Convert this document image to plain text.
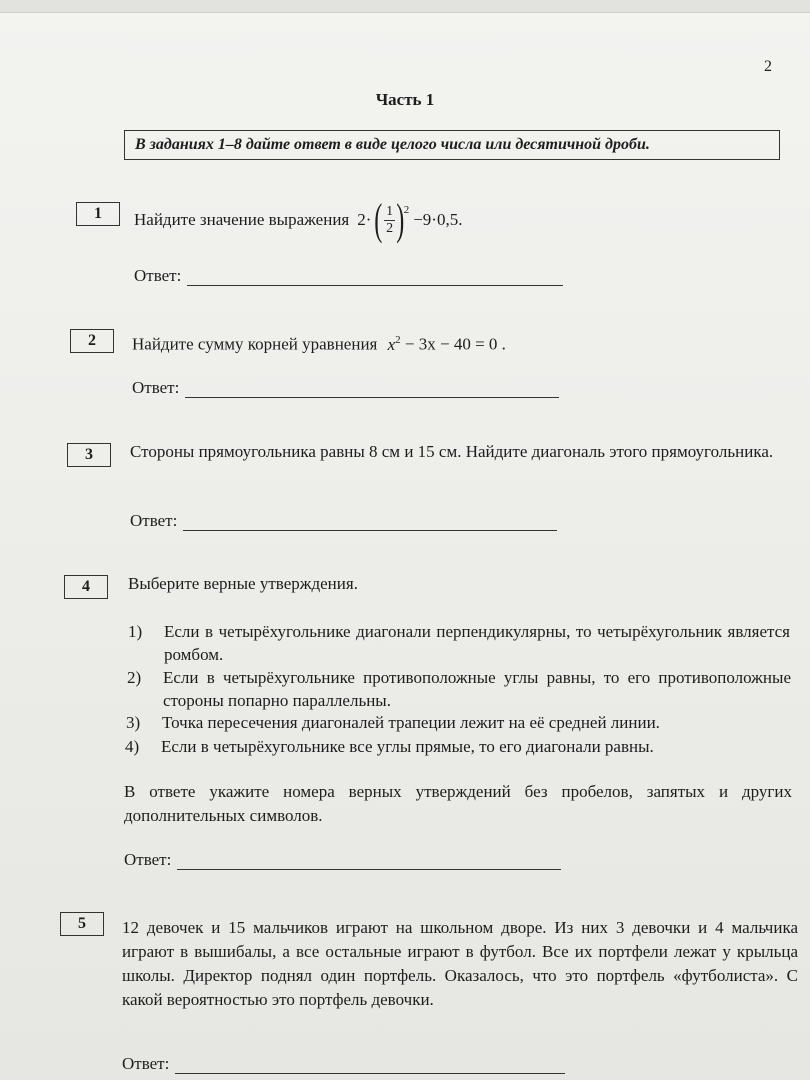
2
Часть 1
В заданиях 1–8 дайте ответ в виде целого числа или десятичной дроби.
1	Найдите значение выражения 2· ( $\frac{1}{2} )^2 -9\cdot 0,5$.
Ответ:
2	Найдите сумму корней уравнения $x^2 - 3x - 40 = 0$ .
Ответ:
3	Стороны прямоугольника равны 8 см и 15 см. Найдите диагональ этого прямоугольника.
Ответ:
4	Выберите верные утверждения.
1) Если в четырёхугольнике диагонали перпендикулярны, то четырёхугольник является ромбом.
2) Если в четырёхугольнике противоположные углы равны, то его противоположные стороны попарно параллельны.
3) Точка пересечения диагоналей трапеции лежит на её средней линии.
4) Если в четырёхугольнике все углы прямые, то его диагонали равны.
В ответе укажите номера верных утверждений без пробелов, запятых и других дополнительных символов.
Ответ:
5	12 девочек и 15 мальчиков играют на школьном дворе. Из них 3 девочки и 4 мальчика играют в вышибалы, а все остальные играют в футбол. Все их портфели лежат у крыльца школы. Директор поднял один портфель. Оказалось, что это портфель «футболиста». С какой вероятностью это портфель девочки.
Ответ:
